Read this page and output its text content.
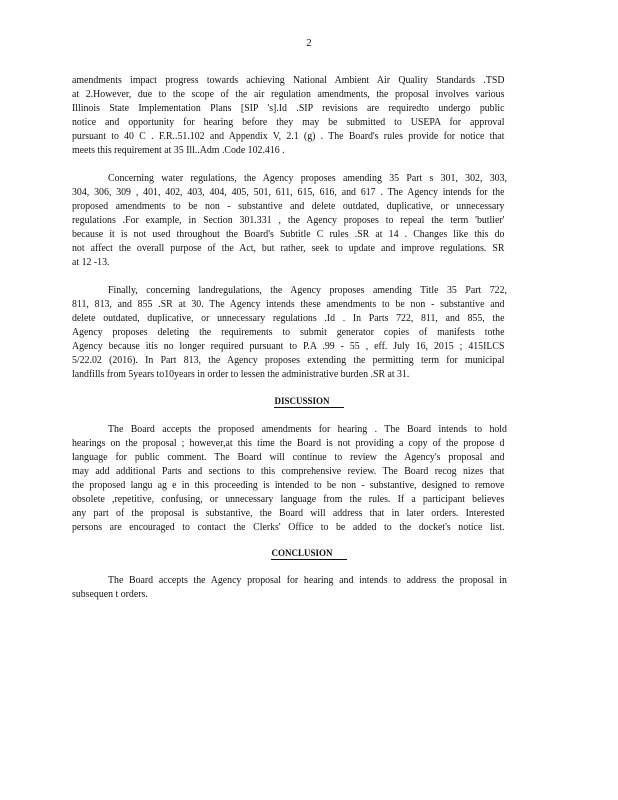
2
amendments impact progress towards achieving National Ambient Air Quality Standards .TSD
at 2.However, due to the scope of the air regulation amendments, the proposal involves various
Illinois State Implementation Plans [SIP 's].Id .SIP revisions are requiredto undergo public
notice and opportunity for hearing before they may be submitted to USEPA for approval
pursuant to 40 C . F.R..51.102 and Appendix V, 2.1 (g) . The Board's rules provide for notice that
meets this requirement at 35 Ill..Adm .Code 102.416 .
Concerning water regulations, the Agency proposes amending 35 Part s 301, 302, 303,
304, 306, 309 , 401, 402, 403, 404, 405, 501, 611, 615, 616, and 617 . The Agency intends for the
proposed amendments to be non - substantive and delete outdated, duplicative, or unnecessary
regulations .For example, in Section 301.331 , the Agency proposes to repeal the term 'butlier'
because it is not used throughout the Board's Subtitle C rules .SR at 14 . Changes like this do
not affect the overall purpose of the Act, but rather, seek to update and improve regulations. SR
at 12 -13.
Finally, concerning landregulations, the Agency proposes amending Title 35 Part 722,
811, 813, and 855 .SR at 30. The Agency intends these amendments to be non - substantive and
delete outdated, duplicative, or unnecessary regulations .Id . In Parts 722, 811, and 855, the
Agency proposes deleting the requirements to submit generator copies of manifests tothe
Agency because itis no longer required pursuant to P.A .99 - 55 , eff. July 16, 2015 ; 415ILCS
5/22.02 (2016). In Part 813, the Agency proposes extending the permitting term for municipal
landfills from 5years to10years in order to lessen the administrative burden .SR at 31.
DISCUSSION
The Board accepts the proposed amendments for hearing . The Board intends to hold
hearings on the proposal ; however,at this time the Board is not providing a copy of the propose d
language for public comment. The Board will continue to review the Agency's proposal and
may add additional Parts and sections to this comprehensive review. The Board recog nizes that
the proposed langu ag e in this proceeding is intended to be non - substantive, designed to remove
obsolete ,repetitive, confusing, or unnecessary language from the rules. If a participant believes
any part of the proposal is substantive, the Board will address that in later orders. Interested
persons are encouraged to contact the Clerks' Office to be added to the docket's notice list.
CONCLUSION
The Board accepts the Agency proposal for hearing and intends to address the proposal in
subsequen t orders.
